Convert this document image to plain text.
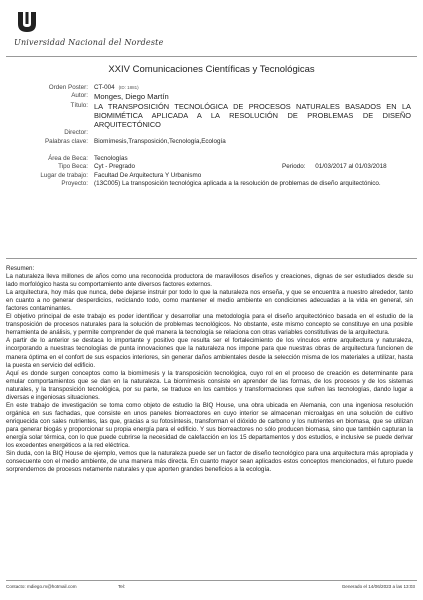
Universidad Nacional del Nordeste
XXIV Comunicaciones Científicas y Tecnológicas
Orden Poster: CT-004 $^{(ID: 1881)}$
Autor: Monges, Diego Martín
Título: LA TRANSPOSICIÓN TECNOLÓGICA DE PROCESOS NATURALES BASADOS EN LA BIOMIMÉTICA APLICADA A LA RESOLUCIÓN DE PROBLEMAS DE DISEÑO ARQUITECTÓNICO
Director:
Palabras clave: Biomímesis,Transposición,Tecnología,Ecología
Área de Beca: Tecnologías
Tipo Beca: Cyt - Pregrado	Periodo: 01/03/2017 al 01/03/2018
Lugar de trabajo: Facultad De Arquitectura Y Urbanismo
Proyecto: (13C005) La transposición tecnológica aplicada a la resolución de problemas de diseño arquitectónico.

Resumen:

La naturaleza lleva millones de años como una reconocida productora de maravillosos diseños y creaciones, dignas de ser estudiados desde su lado morfológico hasta su comportamiento ante diversos factores externos.

La arquitectura, hoy más que nunca, debe dejarse instruir por todo lo que la naturaleza nos enseña, y que se encuentra a nuestro alrededor, tanto en cuanto a no generar desperdicios, reciclando todo, como mantener el medio ambiente en condiciones adecuadas a la vida en general, sin factores contaminantes.

El objetivo principal de este trabajo es poder identificar y desarrollar una metodología para el diseño arquitectónico basada en el estudio de la transposición de procesos naturales para la solución de problemas tecnológicos. No obstante, este mismo concepto se constituye en una posible herramienta de análisis, y permite comprender de qué manera la tecnología se relaciona con otras variables constitutivas de la arquitectura.

A partir de lo anterior se destaca lo importante y positivo que resulta ser el fortalecimiento de los vínculos entre arquitectura y naturaleza, incorporando a nuestras tecnologías de punta innovaciones que la naturaleza nos impone para que nuestras obras de arquitectura funcionen de manera óptima en el confort de sus espacios interiores, sin generar daños ambientales desde la selección misma de los materiales a utilizar, hasta la puesta en servicio del edificio.

Aquí es donde surgen conceptos como la biomímesis y la transposición tecnológica, cuyo rol en el proceso de creación es determinante para emular comportamientos que se dan en la naturaleza. La biomímesis consiste en aprender de las formas, de los procesos y de los sistemas naturales, y la transposición tecnológica, por su parte, se traduce en los cambios y transformaciones que sufren las tecnologías, dando lugar a diversas e ingeniosas situaciones.

En este trabajo de investigación se toma como objeto de estudio la BIQ House, una obra ubicada en Alemania, con una ingeniosa resolución orgánica en sus fachadas, que consiste en unos paneles biorreactores en cuyo interior se almacenan microalgas en una solución de cultivo enriquecida con sales nutrientes, las que, gracias a su fotosíntesis, transforman el dióxido de carbono y los nutrientes en biomasa, que se utilizan para generar biogás y proporcionar su propia energía para el edificio. Y sus biorreactores no sólo producen biomasa, sino que también capturan la energía solar térmica, con lo que puede cubrirse la necesidad de calefacción en los 15 departamentos y dos estudios, e inclusive se puede derivar los excedentes energéticos a la red eléctrica.

Sin duda, con la BIQ House de ejemplo, vemos que la naturaleza puede ser un factor de diseño tecnológico para una arquitectura más apropiada y consecuente con el medio ambiente, de una manera más directa. En cuanto mayor sean aplicados estos conceptos mencionados, el futuro puede sorprendernos de procesos netamente naturales y que aporten grandes beneficios a la ecología.

Contacto: mdiego.m@hotmail.com	Tel:	Generado el 14/06/2023 a las 13:03
